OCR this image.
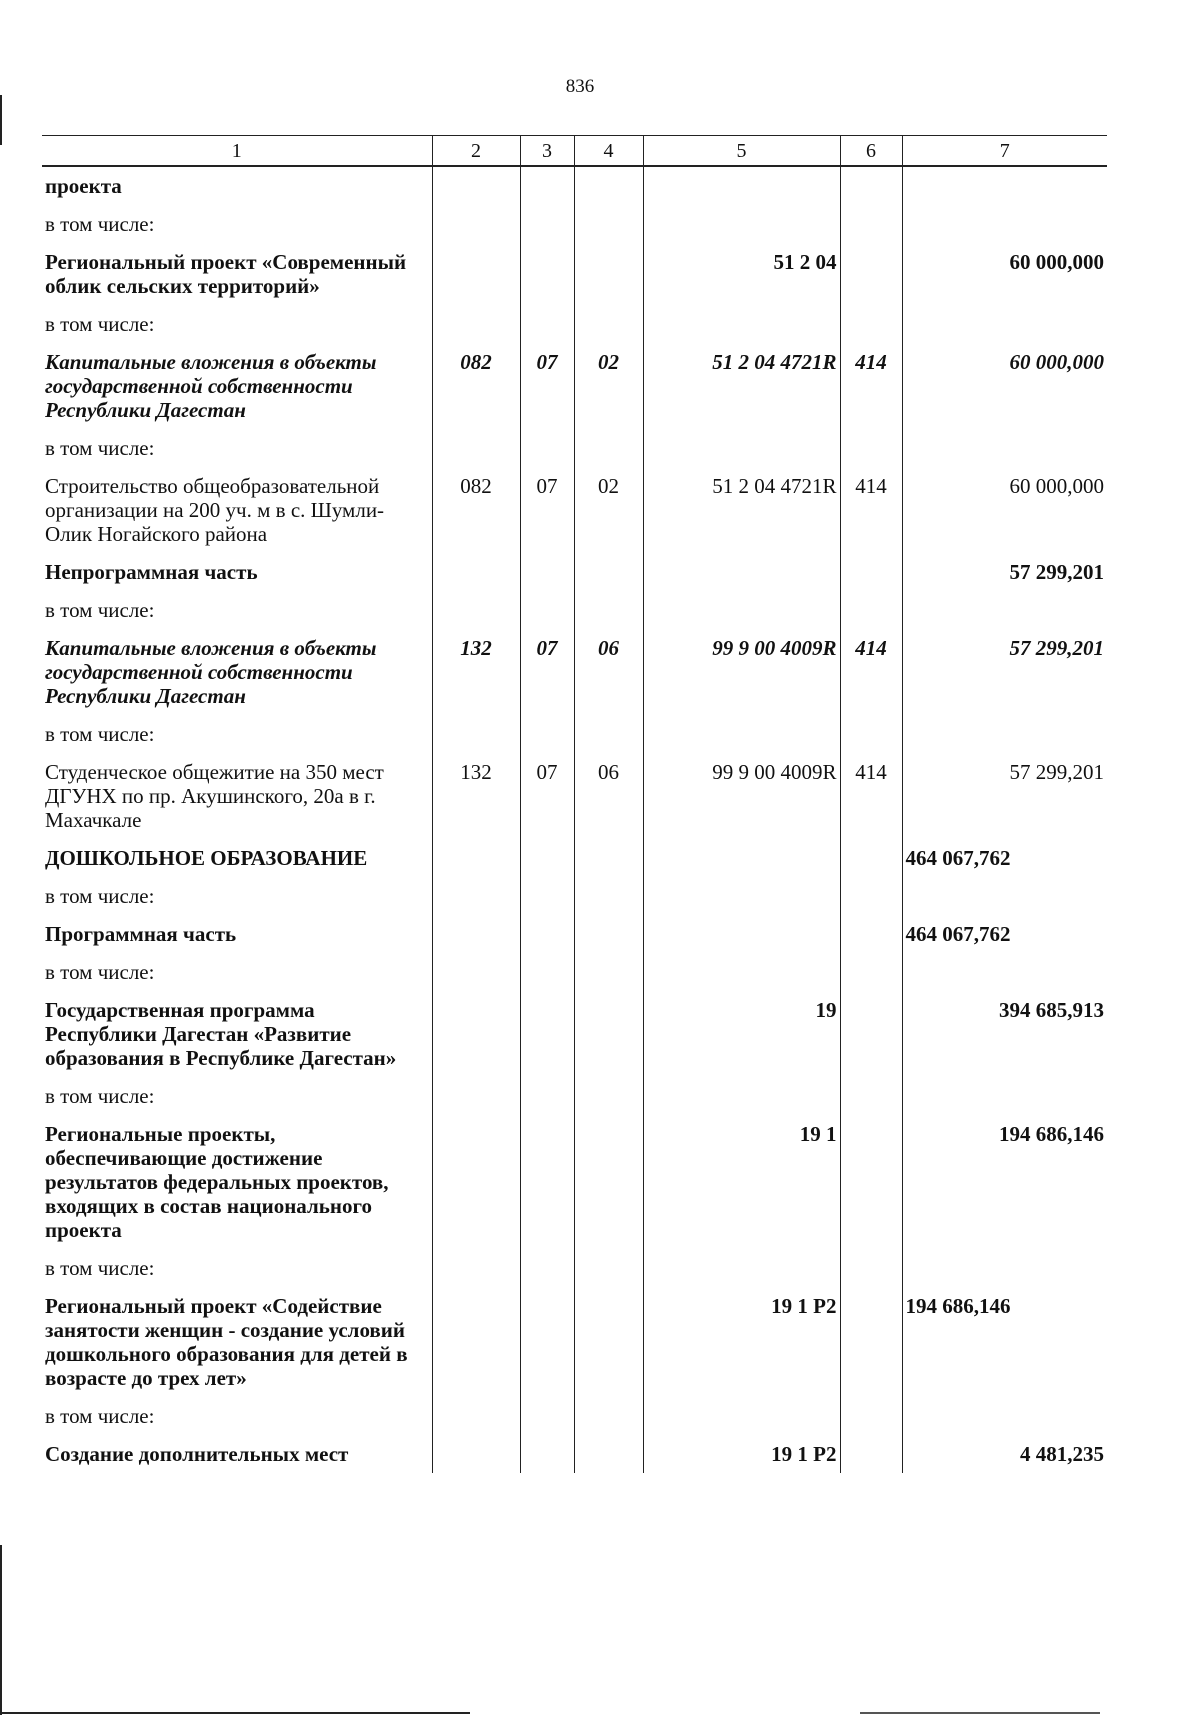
836
1	2	3	4	5	6	7
проекта						
в том числе:						
Региональный проект «Современный облик сельских территорий»				51 2 04		60 000,000
в том числе:						
Капитальные вложения в объекты государственной собственности Республики Дагестан	082	07	02	51 2 04 4721R	414	60 000,000
в том числе:						
Строительство общеобразовательной организации на 200 уч. м в с. Шумли-Олик Ногайского района	082	07	02	51 2 04 4721R	414	60 000,000
Непрограммная часть						57 299,201
в том числе:						
Капитальные вложения в объекты государственной собственности Республики Дагестан	132	07	06	99 9 00 4009R	414	57 299,201
в том числе:						
Студенческое общежитие на 350 мест ДГУНХ по пр. Акушинского, 20а в г. Махачкале	132	07	06	99 9 00 4009R	414	57 299,201
ДОШКОЛЬНОЕ ОБРАЗОВАНИЕ						464 067,762
в том числе:						
Программная часть						464 067,762
в том числе:						
Государственная программа Республики Дагестан «Развитие образования в Республике Дагестан»				19		394 685,913
в том числе:						
Региональные проекты, обеспечивающие достижение результатов федеральных проектов, входящих в состав национального проекта				19 1		194 686,146
в том числе:						
Региональный проект «Содействие занятости женщин - создание условий дошкольного образования для детей в возрасте до трех лет»				19 1 P2		194 686,146
в том числе:						
Создание дополнительных мест				19 1 P2		4 481,235
